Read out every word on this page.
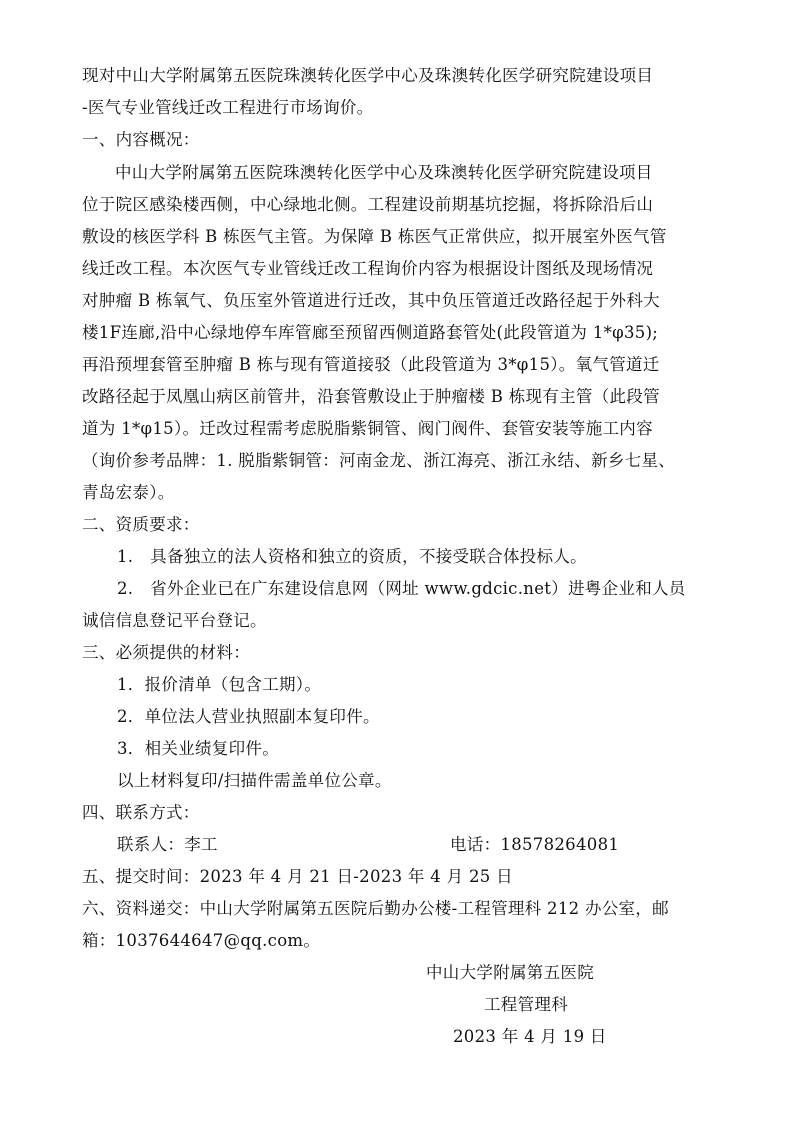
现对中山大学附属第五医院珠澳转化医学中心及珠澳转化医学研究院建设项目
-医气专业管线迁改工程进行市场询价。
一、内容概况：
中山大学附属第五医院珠澳转化医学中心及珠澳转化医学研究院建设项目
位于院区感染楼西侧，中心绿地北侧。工程建设前期基坑挖掘，将拆除沿后山
敷设的核医学科 B 栋医气主管。为保障 B 栋医气正常供应，拟开展室外医气管
线迁改工程。本次医气专业管线迁改工程询价内容为根据设计图纸及现场情况
对肿瘤 B 栋氧气、负压室外管道进行迁改，其中负压管道迁改路径起于外科大
楼1F连廊,沿中心绿地停车库管廊至预留西侧道路套管处(此段管道为 1*φ35);
再沿预埋套管至肿瘤 B 栋与现有管道接驳（此段管道为 3*φ15）。氧气管道迁
改路径起于凤凰山病区前管井，沿套管敷设止于肿瘤楼 B 栋现有主管（此段管
道为 1*φ15）。迁改过程需考虑脱脂紫铜管、阀门阀件、套管安装等施工内容
（询价参考品牌：1. 脱脂紫铜管：河南金龙、浙江海亮、浙江永结、新乡七星、
青岛宏泰）。
二、资质要求：
1.　具备独立的法人资格和独立的资质，不接受联合体投标人。
2.　省外企业已在广东建设信息网（网址 www.gdcic.net）进粤企业和人员
诚信信息登记平台登记。
三、必须提供的材料：
1．报价清单（包含工期）。
2．单位法人营业执照副本复印件。
3．相关业绩复印件。
以上材料复印/扫描件需盖单位公章。
四、联系方式：
联系人：李工	电话：18578264081
五、提交时间：2023 年 4 月 21 日-2023 年 4 月 25 日
六、资料递交：中山大学附属第五医院后勤办公楼-工程管理科 212 办公室，邮
箱：1037644647@qq.com。
中山大学附属第五医院
工程管理科
2023 年 4 月 19 日
